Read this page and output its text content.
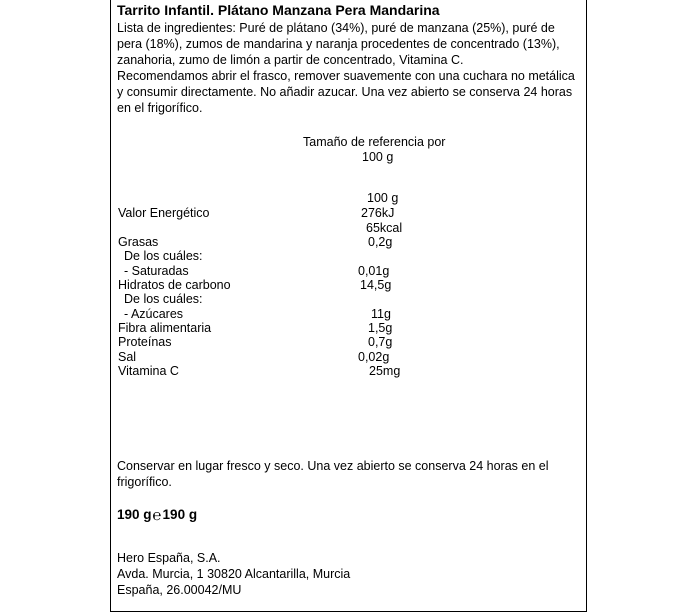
Tarrito Infantil. Plátano Manzana Pera Mandarina
Lista de ingredientes: Puré de plátano (34%), puré de manzana (25%), puré de
pera (18%), zumos de mandarina y naranja procedentes de concentrado (13%),
zanahoria, zumo de limón a partir de concentrado, Vitamina C.
Recomendamos abrir el frasco, remover suavemente con una cuchara no metálica
y consumir directamente. No añadir azucar. Una vez abierto se conserva 24 horas
en el frigorífico.
Tamaño de referencia por
100 g
100 g
Valor Energético	276kJ
65kcal
Grasas	0,2g
De los cuáles:
- Saturadas	0,01g
Hidratos de carbono	14,5g
De los cuáles:
- Azúcares	11g
Fibra alimentaria	1,5g
Proteínas	0,7g
Sal	0,02g
Vitamina C	25mg
Conservar en lugar fresco y seco. Una vez abierto se conserva 24 horas en el
frigorífico.
190 g℮190 g
Hero España, S.A.
Avda. Murcia, 1 30820 Alcantarilla, Murcia
España, 26.00042/MU
